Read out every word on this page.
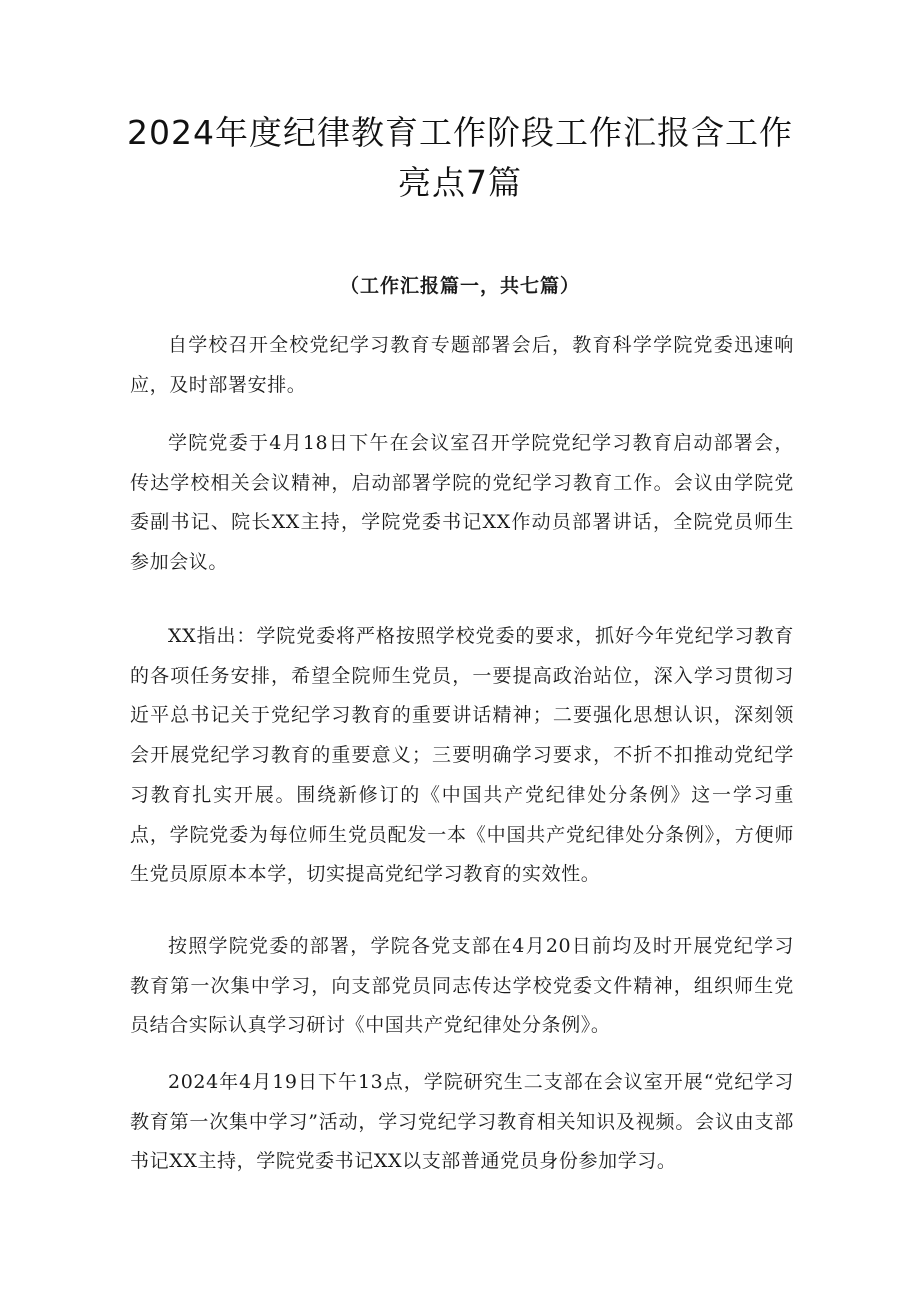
2024年度纪律教育工作阶段工作汇报含工作亮点7篇

（工作汇报篇一，共七篇）

自学校召开全校党纪学习教育专题部署会后，教育科学学院党委迅速响应，及时部署安排。

学院党委于4月18日下午在会议室召开学院党纪学习教育启动部署会，传达学校相关会议精神，启动部署学院的党纪学习教育工作。会议由学院党委副书记、院长XX主持，学院党委书记XX作动员部署讲话，全院党员师生参加会议。

XX指出：学院党委将严格按照学校党委的要求，抓好今年党纪学习教育的各项任务安排，希望全院师生党员，一要提高政治站位，深入学习贯彻习近平总书记关于党纪学习教育的重要讲话精神；二要强化思想认识，深刻领会开展党纪学习教育的重要意义；三要明确学习要求，不折不扣推动党纪学习教育扎实开展。围绕新修订的《中国共产党纪律处分条例》这一学习重点，学院党委为每位师生党员配发一本《中国共产党纪律处分条例》，方便师生党员原原本本学，切实提高党纪学习教育的实效性。

按照学院党委的部署，学院各党支部在4月20日前均及时开展党纪学习教育第一次集中学习，向支部党员同志传达学校党委文件精神，组织师生党员结合实际认真学习研讨《中国共产党纪律处分条例》。

2024年4月19日下午13点，学院研究生二支部在会议室开展“党纪学习教育第一次集中学习”活动，学习党纪学习教育相关知识及视频。会议由支部书记XX主持，学院党委书记XX以支部普通党员身份参加学习。
